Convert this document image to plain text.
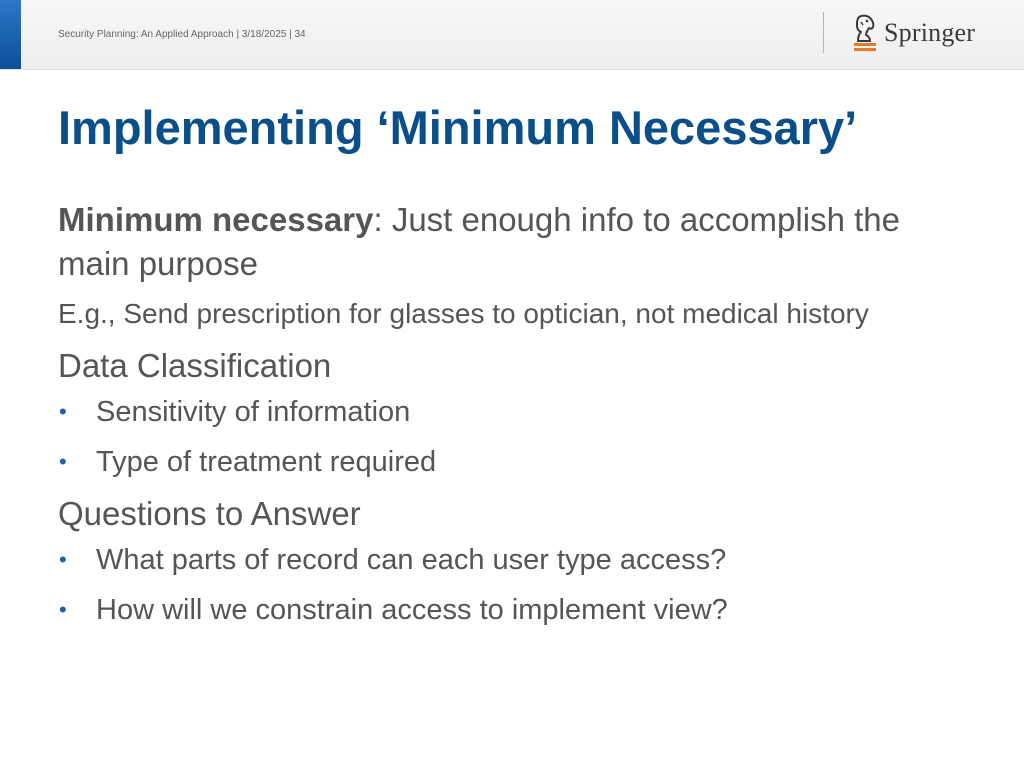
Security Planning: An Applied Approach | 3/18/2025 | 34	Springer
Implementing ‘Minimum Necessary’

Minimum necessary: Just enough info to accomplish the main purpose

E.g., Send prescription for glasses to optician, not medical history

Data Classification
• Sensitivity of information
• Type of treatment required
Questions to Answer
• What parts of record can each user type access?
• How will we constrain access to implement view?
